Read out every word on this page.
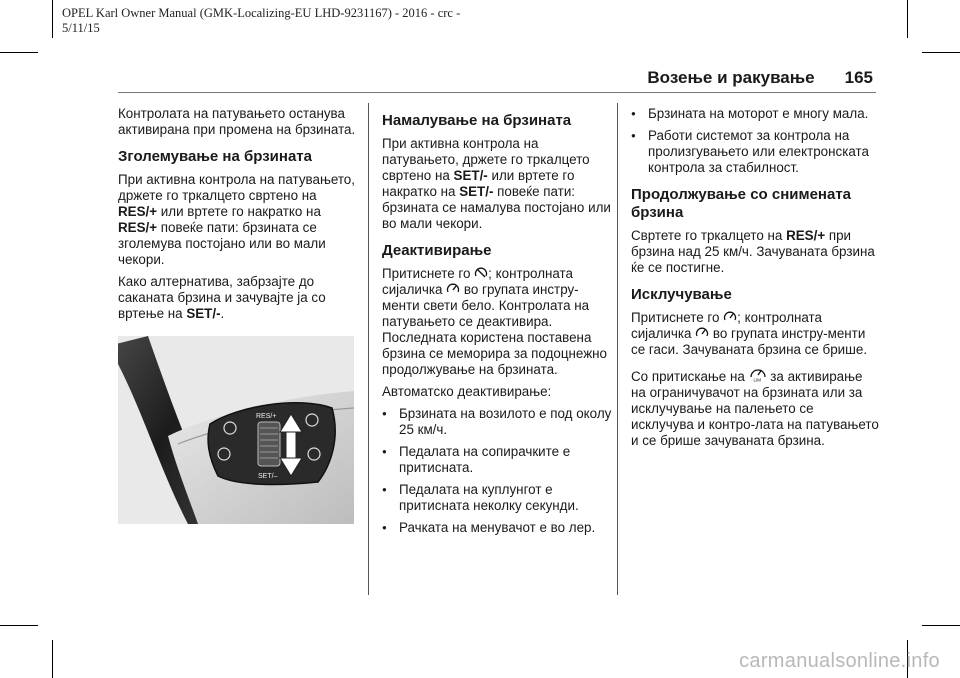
OPEL Karl Owner Manual (GMK-Localizing-EU LHD-9231167) - 2016 - crc -
5/11/15
Возење и ракување 165

Контролата на патувањето останува активирана при промена на брзината.

Зголемување на брзината

При активна контрола на патувањето, држете го тркалцето свртено на RES/+ или вртете го накратко на RES/+ повеќе пати: брзината се зголемува постојано или во мали чекори.

Како алтернатива, забрзајте до саканата брзина и зачувајте ја со вртење на SET/-.

RES/+
SET/–
Намалување на брзината

При активна контрола на патувањето, држете го тркалцето свртено на SET/- или вртете го накратко на SET/- повеќе пати: брзината се намалува постојано или во мали чекори.

Деактивирање

Притиснете го ; контролната сијаличка  во групата инстру-менти свети бело. Контролата на патувањето се деактивира. Последната користена поставена брзина се меморира за подоцнежно продолжување на брзината.

Автоматско деактивирање:

● Брзината на возилото е под околу 25 км/ч.
● Педалата на сопирачките е притисната.
● Педалата на куплунгот е притисната неколку секунди.
● Рачката на менувачот е во лер.
● Брзината на моторот е многу мала.
● Работи системот за контрола на пролизгувањето или електронската контрола за стабилност.
Продолжување со снимената брзина

Свртете го тркалцето на RES/+ при брзина над 25 км/ч. Зачуваната брзина ќе се постигне.

Исклучување

Притиснете го ; контролната сијаличка  во групата инстру-менти се гаси. Зачуваната брзина се брише.

Со притискање на LIM за активирање на ограничувачот на брзината или за исклучување на палењето се исклучува и контро-лата на патувањето и се брише зачуваната брзина.

carmanualsonline.info
